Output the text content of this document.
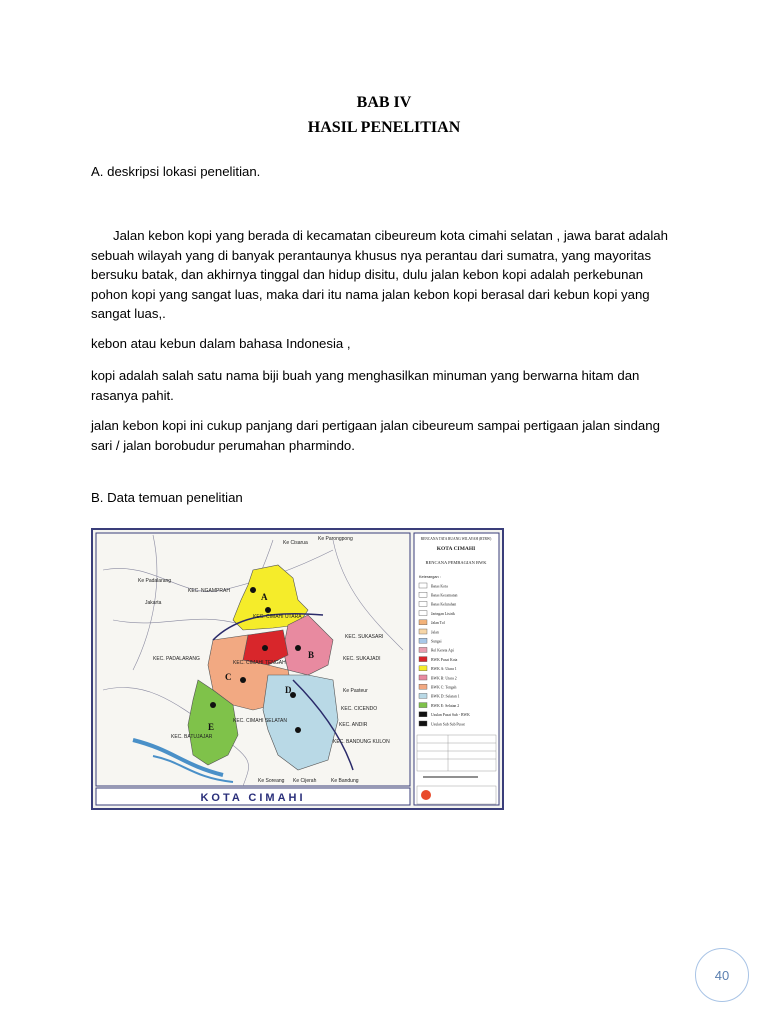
BAB IV
HASIL PENELITIAN
A. deskripsi lokasi penelitian.
Jalan kebon kopi yang berada di kecamatan cibeureum kota cimahi selatan , jawa barat adalah sebuah wilayah yang di banyak perantaunya khusus nya perantau dari sumatra, yang mayoritas bersuku batak, dan akhirnya tinggal dan hidup disitu, dulu jalan kebon kopi adalah perkebunan pohon kopi yang sangat luas, maka dari itu nama jalan kebon kopi berasal dari kebun kopi yang sangat luas,.
kebon atau kebun dalam bahasa Indonesia ,
kopi adalah salah satu nama biji buah yang menghasilkan minuman yang berwarna hitam dan rasanya pahit.
jalan kebon kopi ini cukup panjang dari pertigaan jalan cibeureum sampai pertigaan jalan sindang sari / jalan borobudur perumahan pharmindo.
B. Data temuan penelitian
KEC. NGAMPRAH
KEC. PADALARANG
KEC. CIMAHI UTARA
KEC. CIMAHI TENGAH
KEC. CIMAHI SELATAN
KEC. SUKASARI
KEC. SUKAJADI
KEC. CICENDO
KEC. ANDIR
KEC. BANDUNG KULON
KEC. BATUJAJAR
Ke Cisarua
Ke Parongpong
Ke Padalarang
Jakarta
Ke Pasteur
Ke Soreang Ke Cijerah	Ke Bandung
A
B
C
D
E
KOTA CIMAHI
RENCANA TATA RUANG WILAYAH (RTRW)
KOTA CIMAHI
RENCANA PEMBAGIAN BWK
Keterangan :
Batas Kota
Batas Kecamatan
Batas Kelurahan
Jaringan Listrik
Jalan Tol
Jalan
Sungai
Rel Kereta Api
BWK Pusat Kota
BWK A: Utara 1
BWK B: Utara 2
BWK C: Tengah
BWK D: Selatan 1
BWK E: Selatan 2
Usulan Pusat Sub - BWK
Usulan Sub Sub Pusat
40
